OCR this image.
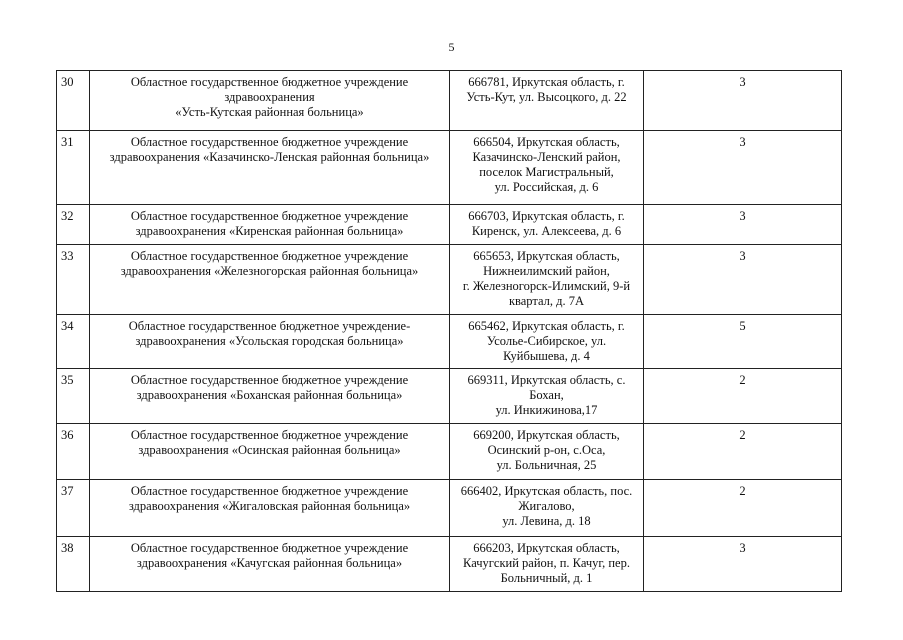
5
30	Областное государственное бюджетное учреждение
здравоохранения
«Усть-Кутская районная больница»	666781, Иркутская область, г.
Усть-Кут, ул. Высоцкого, д. 22	3
31	Областное государственное бюджетное учреждение
здравоохранения «Казачинско-Ленская районная больница»	666504, Иркутская область,
Казачинско-Ленский район,
поселок Магистральный,
ул. Российская, д. 6	3
32	Областное государственное бюджетное учреждение
здравоохранения «Киренская районная больница»	666703, Иркутская область, г.
Киренск, ул. Алексеева, д. 6	3
33	Областное государственное бюджетное учреждение
здравоохранения «Железногорская районная больница»	665653, Иркутская область,
Нижнеилимский район,
г. Железногорск-Илимский, 9-й
квартал, д. 7А	3
34	Областное государственное бюджетное учреждение-
здравоохранения «Усольская городская больница»	665462, Иркутская область, г.
Усолье-Сибирское, ул.
Куйбышева, д. 4	5
35	Областное государственное бюджетное учреждение
здравоохранения «Боханская районная больница»	669311, Иркутская область, с.
Бохан,
ул. Инкижинова,17	2
36	Областное государственное бюджетное учреждение
здравоохранения «Осинская районная больница»	669200, Иркутская область,
Осинский р-он, с.Оса,
ул. Больничная, 25	2
37	Областное государственное бюджетное учреждение
здравоохранения «Жигаловская районная больница»	666402, Иркутская область, пос.
Жигалово,
ул. Левина, д. 18	2
38	Областное государственное бюджетное учреждение
здравоохранения «Качугская районная больница»	666203, Иркутская область,
Качугский район, п. Качуг, пер.
Больничный, д. 1	3
